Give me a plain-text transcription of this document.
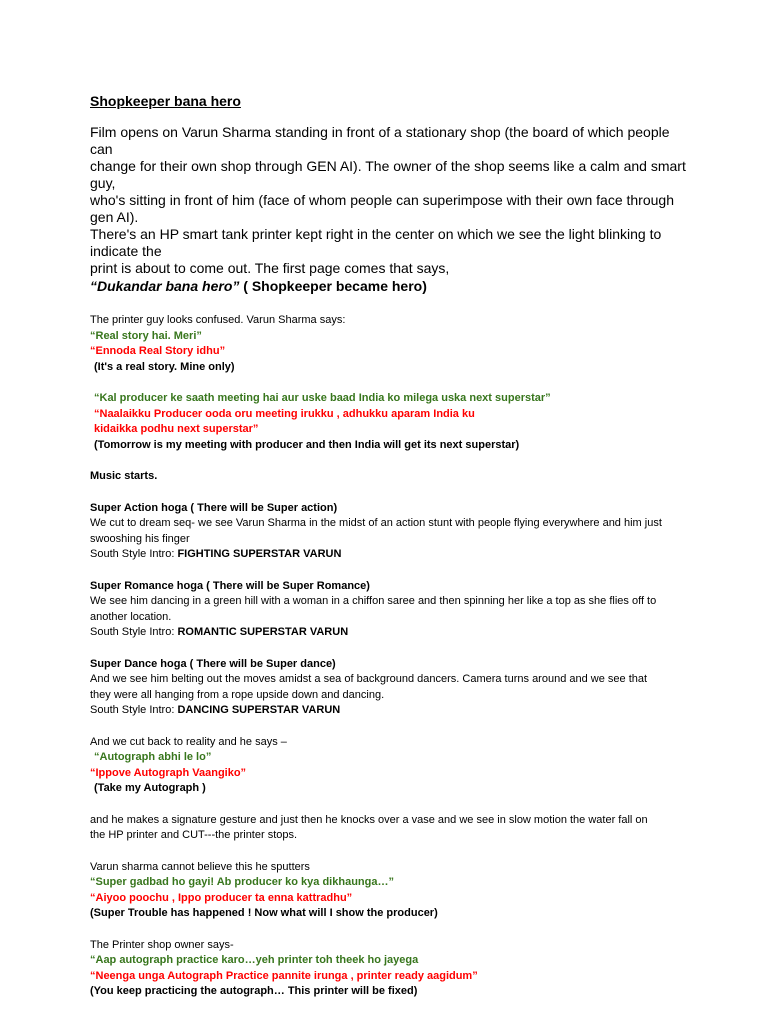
Shopkeeper bana hero

Film opens on Varun Sharma standing in front of a stationary shop (the board of which people can

change for their own shop through GEN AI). The owner of the shop seems like a calm and smart guy,

who's sitting in front of him (face of whom people can superimpose with their own face through gen AI).

There's an HP smart tank printer kept right in the center on which we see the light blinking to indicate the

print is about to come out. The first page comes that says,

“Dukandar bana hero” ( Shopkeeper became hero)

The printer guy looks confused. Varun Sharma says:

“Real story hai. Meri”

“Ennoda Real Story idhu”

(It's a real story. Mine only)

“Kal producer ke saath meeting hai aur uske baad India ko milega uska next superstar”

“Naalaikku Producer ooda oru meeting irukku , adhukku aparam India ku

kidaikka podhu next superstar”

(Tomorrow is my meeting with producer and then India will get its next superstar)

Music starts.

Super Action hoga ( There will be Super action)

We cut to dream seq- we see Varun Sharma in the midst of an action stunt with people flying everywhere and him just

swooshing his finger

South Style Intro: FIGHTING SUPERSTAR VARUN

Super Romance hoga ( There will be Super Romance)

We see him dancing in a green hill with a woman in a chiffon saree and then spinning her like a top as she flies off to

another location.

South Style Intro: ROMANTIC SUPERSTAR VARUN

Super Dance hoga ( There will be Super dance)

And we see him belting out the moves amidst a sea of background dancers. Camera turns around and we see that

they were all hanging from a rope upside down and dancing.

South Style Intro: DANCING SUPERSTAR VARUN

And we cut back to reality and he says –

“Autograph abhi le lo”

“Ippove Autograph Vaangiko”

(Take my Autograph )

and he makes a signature gesture and just then he knocks over a vase and we see in slow motion the water fall on

the HP printer and CUT---the printer stops.

Varun sharma cannot believe this he sputters

“Super gadbad ho gayi! Ab producer ko kya dikhaunga…”

“Aiyoo poochu , Ippo producer ta enna kattradhu”

(Super Trouble has happened ! Now what will I show the producer)

The Printer shop owner says-

“Aap autograph practice karo…yeh printer toh theek ho jayega

“Neenga unga Autograph Practice pannite irunga , printer ready aagidum”

(You keep practicing the autograph… This printer will be fixed)
